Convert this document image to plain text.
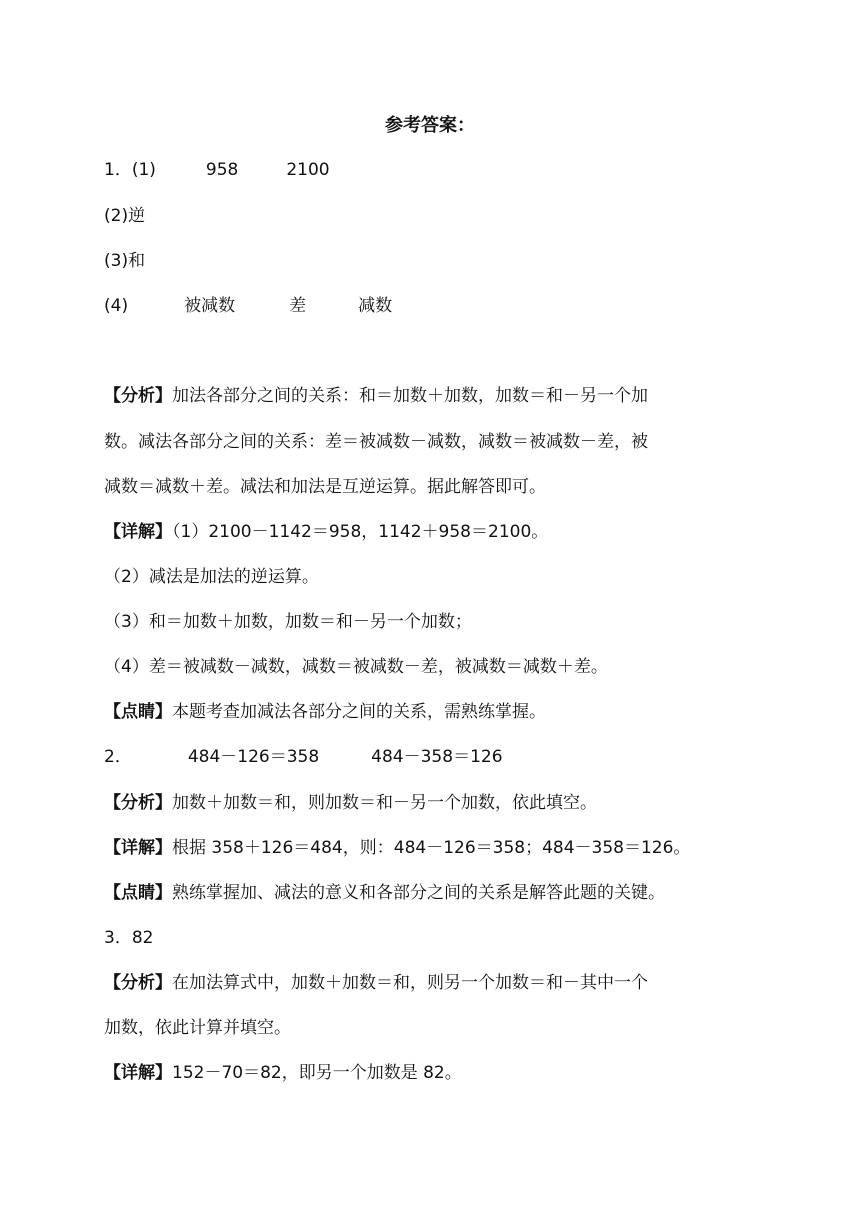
参考答案：
1．(1)	958	2100
(2)逆
(3)和
(4)	被减数	差	减数
【分析】加法各部分之间的关系：和＝加数＋加数，加数＝和－另一个加
数。减法各部分之间的关系：差＝被减数－减数，减数＝被减数－差，被
减数＝减数＋差。减法和加法是互逆运算。据此解答即可。
【详解】（1）2100－1142＝958，1142＋958＝2100。
（2）减法是加法的逆运算。
（3）和＝加数＋加数，加数＝和－另一个加数；
（4）差＝被减数－减数，减数＝被减数－差，被减数＝减数＋差。
【点睛】本题考查加减法各部分之间的关系，需熟练掌握。
2．	484－126＝358	484－358＝126
【分析】加数＋加数＝和，则加数＝和－另一个加数，依此填空。
【详解】根据 358＋126＝484，则：484－126＝358；484－358＝126。
【点睛】熟练掌握加、减法的意义和各部分之间的关系是解答此题的关键。
3．82
【分析】在加法算式中，加数＋加数＝和，则另一个加数＝和－其中一个
加数，依此计算并填空。
【详解】152－70＝82，即另一个加数是 82。
